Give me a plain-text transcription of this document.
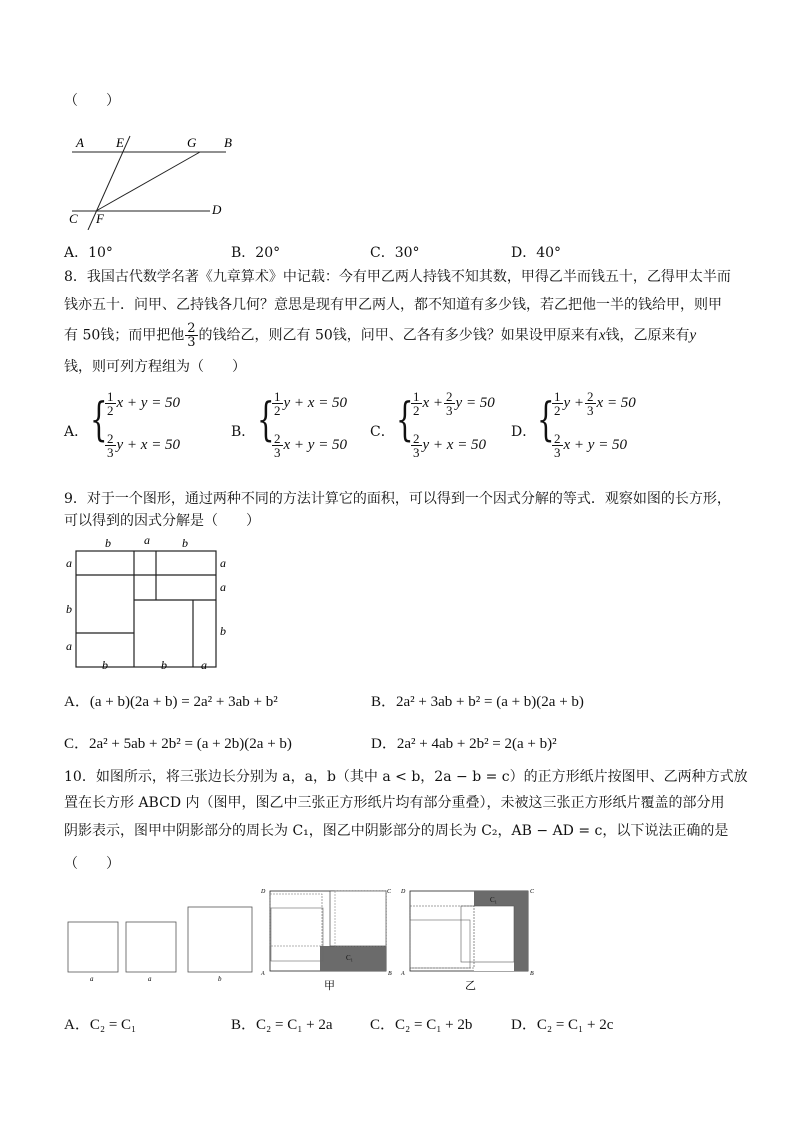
（　　）
A E	G B
C F
D
A．10°	B．20°	C．30°	D．40°
8．我国古代数学名著《九章算术》中记载：今有甲乙两人持钱不知其数，甲得乙半而钱五十，乙得甲太半而
钱亦五十．问甲、乙持钱各几何？意思是现有甲乙两人，都不知道有多少钱，若乙把他一半的钱给甲，则甲
有 50钱；而甲把他 $\frac{2}{3}$ 的钱给乙，则乙有 50钱，问甲、乙各有多少钱？如果设甲原来有x钱，乙原来有y
钱，则可列方程组为（　　）
A． {
$\frac{1}{2}$ x + y = 50
$\frac{2}{3}$ y + x = 50
B． {
$\frac{1}{2}$ y + x = 50
$\frac{2}{3}$ x + y = 50
C． {
$\frac{1}{2}$ $x + \frac{2}{3}$ y = 50
$\frac{2}{3}$ y + x = 50
D． {
$\frac{1}{2}$ $y + \frac{2}{3}$ x = 50
$\frac{2}{3}$ x + y = 50
9．对于一个图形，通过两种不同的方法计算它的面积，可以得到一个因式分解的等式．观察如图的长方形，
可以得到的因式分解是（　　）
b	a	b
a
b
a
a
a
b
b	b	a
A．(a + b)(2a + b) = 2a² + 3ab + b²	B．2a² + 3ab + b² = (a + b)(2a + b)
C．2a² + 5ab + 2b² = (a + 2b)(2a + b)	D．2a² + 4ab + 2b² = 2(a + b)²
10．如图所示，将三张边长分别为 a，a，b（其中 a < b，2a − b = c）的正方形纸片按图甲、乙两种方式放
置在长方形 ABCD 内（图甲，图乙中三张正方形纸片均有部分重叠），未被这三张正方形纸片覆盖的部分用
阴影表示，图甲中阴影部分的周长为 C₁，图乙中阴影部分的周长为 C₂，AB − AD = c，以下说法正确的是
（　　）
a	a	b
D	C
A	B
C₁
甲
D	C
A	B
C₁
乙
A．C₂ = C₁	B．C₂ = C₁ + 2a C．C₂ = C₁ + 2b	D．C₂ = C₁ + 2c
